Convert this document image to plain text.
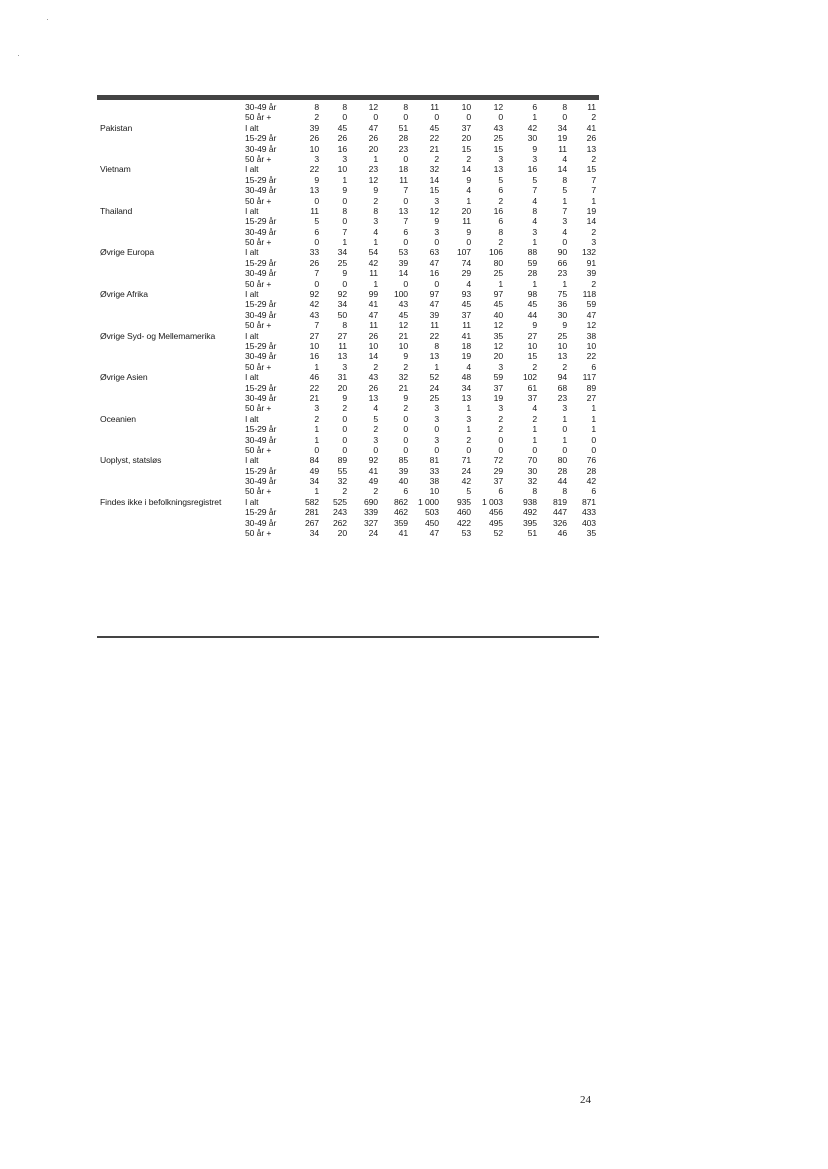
30-49 år	8	8	12	8	11	10	12	6	8	11
50 år +	2	0	0	0	0	0	0	1	0	2
Pakistan	I alt	39	45	47	51	45	37	43	42	34	41
15-29 år	26	26	26	28	22	20	25	30	19	26
30-49 år	10	16	20	23	21	15	15	9	11	13
50 år +	3	3	1	0	2	2	3	3	4	2
Vietnam	I alt	22	10	23	18	32	14	13	16	14	15
15-29 år	9	1	12	11	14	9	5	5	8	7
30-49 år	13	9	9	7	15	4	6	7	5	7
50 år +	0	0	2	0	3	1	2	4	1	1
Thailand	I alt	11	8	8	13	12	20	16	8	7	19
15-29 år	5	0	3	7	9	11	6	4	3	14
30-49 år	6	7	4	6	3	9	8	3	4	2
50 år +	0	1	1	0	0	0	2	1	0	3
Øvrige Europa	I alt	33	34	54	53	63	107	106	88	90	132
15-29 år	26	25	42	39	47	74	80	59	66	91
30-49 år	7	9	11	14	16	29	25	28	23	39
50 år +	0	0	1	0	0	4	1	1	1	2
Øvrige Afrika	I alt	92	92	99	100	97	93	97	98	75	118
15-29 år	42	34	41	43	47	45	45	45	36	59
30-49 år	43	50	47	45	39	37	40	44	30	47
50 år +	7	8	11	12	11	11	12	9	9	12
Øvrige Syd- og Mellemamerika	I alt	27	27	26	21	22	41	35	27	25	38
15-29 år	10	11	10	10	8	18	12	10	10	10
30-49 år	16	13	14	9	13	19	20	15	13	22
50 år +	1	3	2	2	1	4	3	2	2	6
Øvrige Asien	I alt	46	31	43	32	52	48	59	102	94	117
15-29 år	22	20	26	21	24	34	37	61	68	89
30-49 år	21	9	13	9	25	13	19	37	23	27
50 år +	3	2	4	2	3	1	3	4	3	1
Oceanien	I alt	2	0	5	0	3	3	2	2	1	1
15-29 år	1	0	2	0	0	1	2	1	0	1
30-49 år	1	0	3	0	3	2	0	1	1	0
50 år +	0	0	0	0	0	0	0	0	0	0
Uoplyst, statsløs	I alt	84	89	92	85	81	71	72	70	80	76
15-29 år	49	55	41	39	33	24	29	30	28	28
30-49 år	34	32	49	40	38	42	37	32	44	42
50 år +	1	2	2	6	10	5	6	8	8	6
Findes ikke i befolkningsregistret	I alt	582	525	690	862	1 000	935	1 003	938	819	871
15-29 år	281	243	339	462	503	460	456	492	447	433
30-49 år	267	262	327	359	450	422	495	395	326	403
50 år +	34	20	24	41	47	53	52	51	46	35
24
